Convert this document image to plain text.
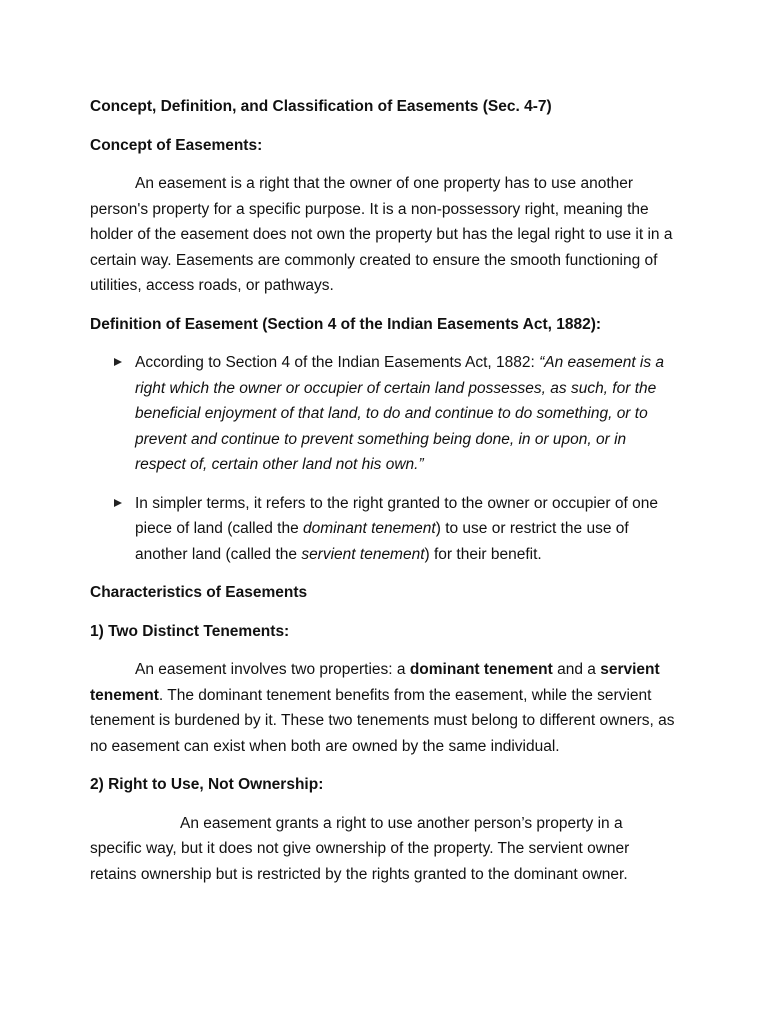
Concept, Definition, and Classification of Easements (Sec. 4-7)

Concept of Easements:

An easement is a right that the owner of one property has to use another person's property for a specific purpose. It is a non-possessory right, meaning the holder of the easement does not own the property but has the legal right to use it in a certain way. Easements are commonly created to ensure the smooth functioning of utilities, access roads, or pathways.

Definition of Easement (Section 4 of the Indian Easements Act, 1882):

According to Section 4 of the Indian Easements Act, 1882: “An easement is a right which the owner or occupier of certain land possesses, as such, for the beneficial enjoyment of that land, to do and continue to do something, or to prevent and continue to prevent something being done, in or upon, or in respect of, certain other land not his own.”
In simpler terms, it refers to the right granted to the owner or occupier of one piece of land (called the dominant tenement) to use or restrict the use of another land (called the servient tenement) for their benefit.

Characteristics of Easements

1) Two Distinct Tenements:

An easement involves two properties: a dominant tenement and a servient tenement. The dominant tenement benefits from the easement, while the servient tenement is burdened by it. These two tenements must belong to different owners, as no easement can exist when both are owned by the same individual.

2) Right to Use, Not Ownership:

An easement grants a right to use another person’s property in a specific way, but it does not give ownership of the property. The servient owner retains ownership but is restricted by the rights granted to the dominant owner.
